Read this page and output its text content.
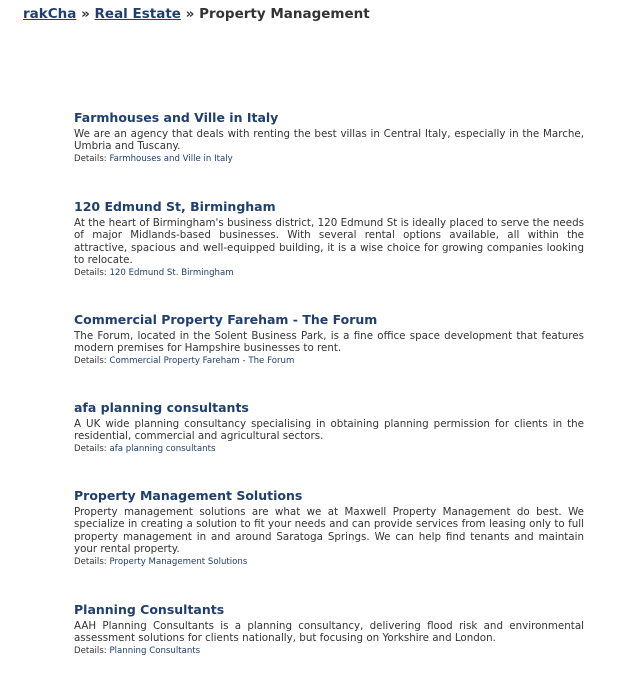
rakCha » Real Estate » Property Management
Farmhouses and Ville in Italy

We are an agency that deals with renting the best villas in Central Italy, especially in the Marche, Umbria and Tuscany.

Details: Farmhouses and Ville in Italy

120 Edmund St, Birmingham

At the heart of Birmingham's business district, 120 Edmund St is ideally placed to serve the needs of major Midlands-based businesses. With several rental options available, all within the attractive, spacious and well-equipped building, it is a wise choice for growing companies looking to relocate.

Details: 120 Edmund St. Birmingham

Commercial Property Fareham - The Forum

The Forum, located in the Solent Business Park, is a fine office space development that features modern premises for Hampshire businesses to rent.

Details: Commercial Property Fareham - The Forum

afa planning consultants

A UK wide planning consultancy specialising in obtaining planning permission for clients in the residential, commercial and agricultural sectors.

Details: afa planning consultants

Property Management Solutions

Property management solutions are what we at Maxwell Property Management do best. We specialize in creating a solution to fit your needs and can provide services from leasing only to full property management in and around Saratoga Springs. We can help find tenants and maintain your rental property.

Details: Property Management Solutions

Planning Consultants

AAH Planning Consultants is a planning consultancy, delivering flood risk and environmental assessment solutions for clients nationally, but focusing on Yorkshire and London.

Details: Planning Consultants
